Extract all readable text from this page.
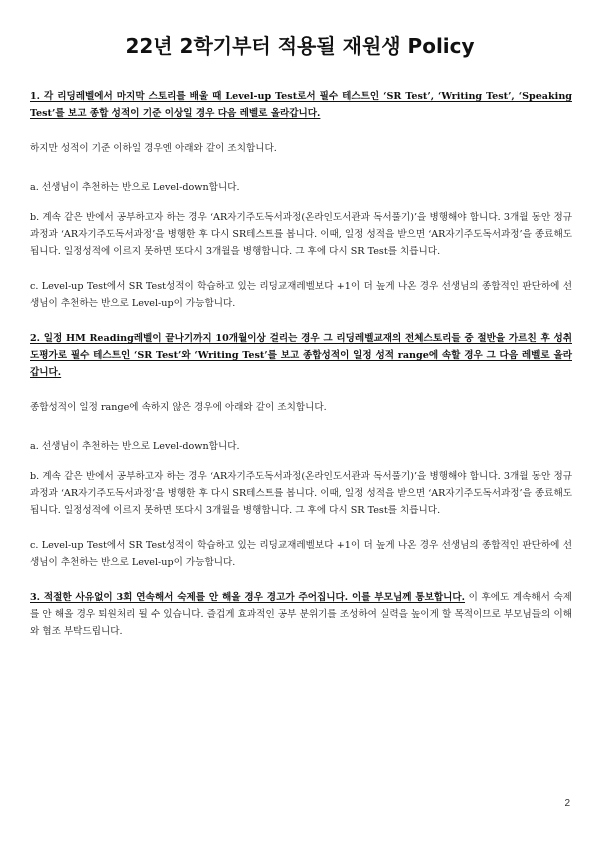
22년 2학기부터 적용될 재원생 Policy

1. 각 리딩레벨에서 마지막 스토리를 배울 때 Level-up Test로서 필수 테스트인 ‘SR Test’, ‘Writing Test’, ‘Speaking Test’를 보고 종합 성적이 기준 이상일 경우 다음 레벨로 올라갑니다.

하지만 성적이 기준 이하일 경우엔 아래와 같이 조치합니다.

a. 선생님이 추천하는 반으로 Level-down합니다.

b. 계속 같은 반에서 공부하고자 하는 경우 ‘AR자기주도독서과정(온라인도서관과 독서풀기)’을 병행해야 합니다. 3개월 동안 정규과정과 ‘AR자기주도독서과정’을 병행한 후 다시 SR테스트를 봅니다. 이때, 일정 성적을 받으면 ‘AR자기주도독서과정’을 종료해도 됩니다. 일정성적에 이르지 못하면 또다시 3개월을 병행합니다. 그 후에 다시 SR Test를 치릅니다.

c. Level-up Test에서 SR Test성적이 학습하고 있는 리딩교재레벨보다 +1이 더 높게 나온 경우 선생님의 종합적인 판단하에 선생님이 추천하는 반으로 Level-up이 가능합니다.

2. 일정 HM Reading레벨이 끝나기까지 10개월이상 걸리는 경우 그 리딩레벨교재의 전체스토리들 중 절반을 가르친 후 성취도평가로 필수 테스트인 ‘SR Test’와 ‘Writing Test’를 보고 종합성적이 일정 성적 range에 속할 경우 그 다음 레벨로 올라갑니다.

종합성적이 일정 range에 속하지 않은 경우에 아래와 같이 조치합니다.

a. 선생님이 추천하는 반으로 Level-down합니다.

b. 계속 같은 반에서 공부하고자 하는 경우 ‘AR자기주도독서과정(온라인도서관과 독서풀기)’을 병행해야 합니다. 3개월 동안 정규과정과 ‘AR자기주도독서과정’을 병행한 후 다시 SR테스트를 봅니다. 이때, 일정 성적을 받으면 ‘AR자기주도독서과정’을 종료해도 됩니다. 일정성적에 이르지 못하면 또다시 3개월을 병행합니다. 그 후에 다시 SR Test를 치릅니다.

c. Level-up Test에서 SR Test성적이 학습하고 있는 리딩교재레벨보다 +1이 더 높게 나온 경우 선생님의 종합적인 판단하에 선생님이 추천하는 반으로 Level-up이 가능합니다.

3. 적절한 사유없이 3회 연속해서 숙제를 안 해올 경우 경고가 주어집니다. 이를 부모님께 통보합니다. 이 후에도 계속해서 숙제를 안 해올 경우 퇴원처리 될 수 있습니다. 즐겁게 효과적인 공부 분위기를 조성하여 실력을 높이게 할 목적이므로 부모님들의 이해와 협조 부탁드립니다.

2
